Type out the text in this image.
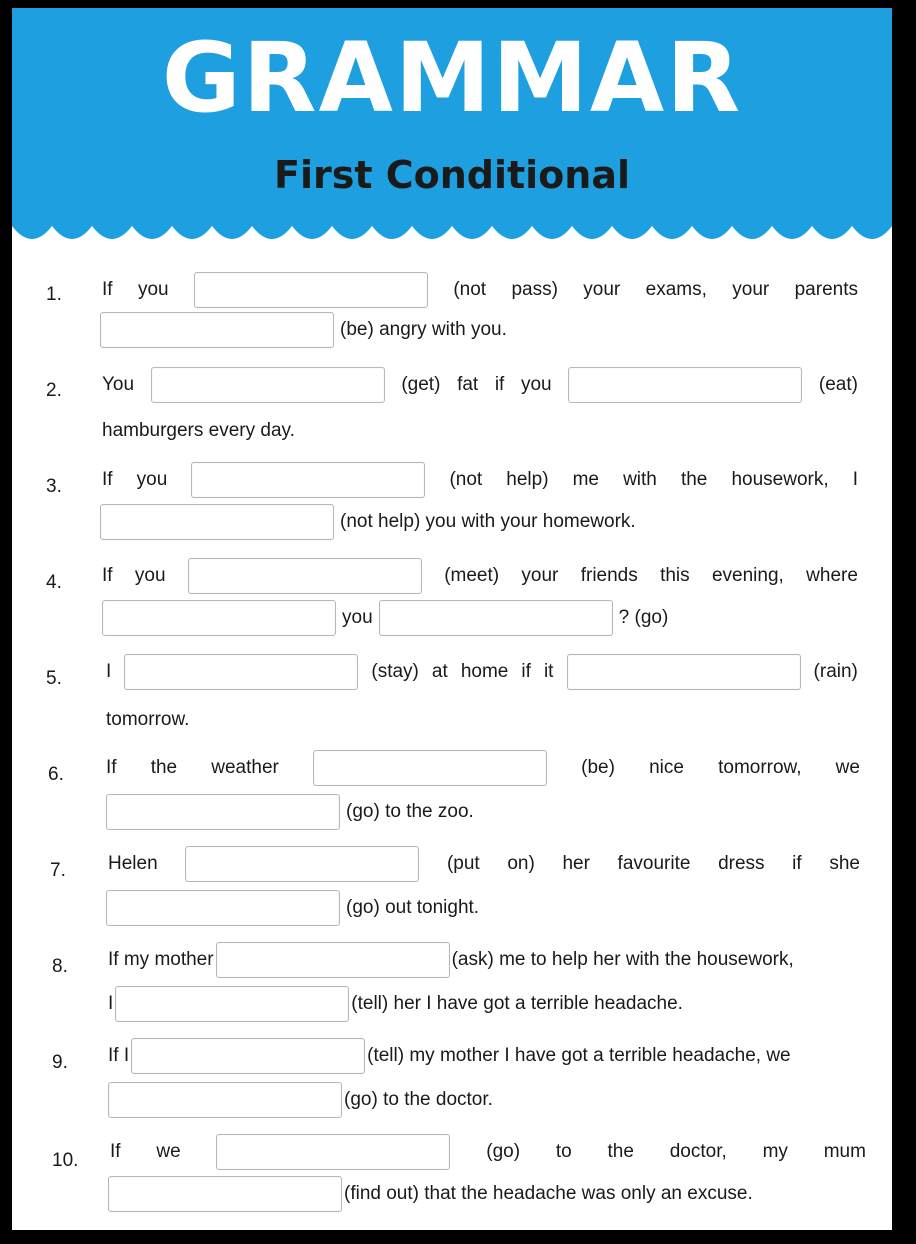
GRAMMAR
First Conditional
1. If you	(not pass) your exams, your parents
(be) angry with you.
2. You	(get) fat if you	(eat)
hamburgers every day.
3. If you	(not help) me with the housework, I
(not help) you with your homework.
4. If you	(meet) your friends this evening, where
you	? (go)
5. I	(stay) at home if it	(rain)
tomorrow.
6. If the weather	(be) nice tomorrow, we
(go) to the zoo.
7. Helen	(put on) her favourite dress if she
(go) out tonight.
8. If my mother	(ask) me to help her with the housework,
I	(tell) her I have got a terrible headache.
9. If I	(tell) my mother I have got a terrible headache, we
(go) to the doctor.
10. If we	(go) to the doctor, my mum
(find out) that the headache was only an excuse.
